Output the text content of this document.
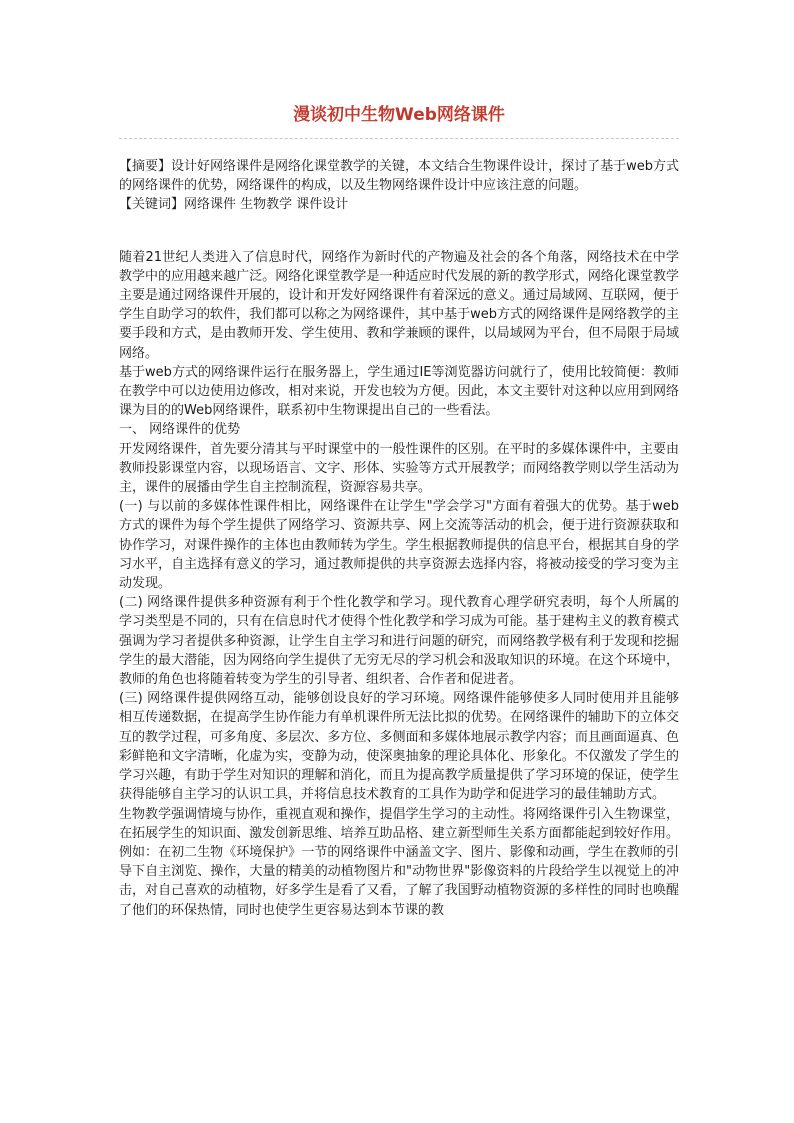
漫谈初中生物Web网络课件

【摘要】设计好网络课件是网络化课堂教学的关键，本文结合生物课件设计，探讨了基于web方式的网络课件的优势，网络课件的构成，以及生物网络课件设计中应该注意的问题。

【关键词】网络课件 生物教学 课件设计

随着21世纪人类进入了信息时代，网络作为新时代的产物遍及社会的各个角落，网络技术在中学教学中的应用越来越广泛。网络化课堂教学是一种适应时代发展的新的教学形式，网络化课堂教学主要是通过网络课件开展的，设计和开发好网络课件有着深远的意义。通过局域网、互联网，便于学生自助学习的软件，我们都可以称之为网络课件，其中基于web方式的网络课件是网络教学的主要手段和方式，是由教师开发、学生使用、教和学兼顾的课件，以局域网为平台，但不局限于局域网络。

基于web方式的网络课件运行在服务器上，学生通过IE等浏览器访问就行了，使用比较简便：教师在教学中可以边使用边修改，相对来说，开发也较为方便。因此，本文主要针对这种以应用到网络课为目的的Web网络课件，联系初中生物课提出自己的一些看法。

一、 网络课件的优势

开发网络课件，首先要分清其与平时课堂中的一般性课件的区别。在平时的多媒体课件中，主要由教师投影课堂内容，以现场语言、文字、形体、实验等方式开展教学；而网络教学则以学生活动为主，课件的展播由学生自主控制流程，资源容易共享。

(一) 与以前的多媒体性课件相比，网络课件在让学生"学会学习"方面有着强大的优势。基于web方式的课件为每个学生提供了网络学习、资源共享、网上交流等活动的机会，便于进行资源获取和协作学习，对课件操作的主体也由教师转为学生。学生根据教师提供的信息平台，根据其自身的学习水平，自主选择有意义的学习，通过教师提供的共享资源去选择内容，将被动接受的学习变为主动发现。

(二) 网络课件提供多种资源有利于个性化教学和学习。现代教育心理学研究表明，每个人所属的学习类型是不同的，只有在信息时代才使得个性化教学和学习成为可能。基于建构主义的教育模式强调为学习者提供多种资源，让学生自主学习和进行问题的研究，而网络教学极有利于发现和挖掘学生的最大潜能，因为网络向学生提供了无穷无尽的学习机会和汲取知识的环境。在这个环境中，教师的角色也将随着转变为学生的引导者、组织者、合作者和促进者。

(三) 网络课件提供网络互动，能够创设良好的学习环境。网络课件能够使多人同时使用并且能够相互传递数据，在提高学生协作能力有单机课件所无法比拟的优势。在网络课件的辅助下的立体交互的教学过程，可多角度、多层次、多方位、多侧面和多媒体地展示教学内容；而且画面逼真、色彩鲜艳和文字清晰，化虚为实，变静为动，使深奥抽象的理论具体化、形象化。不仅激发了学生的学习兴趣，有助于学生对知识的理解和消化，而且为提高教学质量提供了学习环境的保证，使学生获得能够自主学习的认识工具，并将信息技术教育的工具作为助学和促进学习的最佳辅助方式。

生物教学强调情境与协作，重视直观和操作，提倡学生学习的主动性。将网络课件引入生物课堂，在拓展学生的知识面、激发创新思维、培养互助品格、建立新型师生关系方面都能起到较好作用。例如：在初二生物《环境保护》一节的网络课件中涵盖文字、图片、影像和动画，学生在教师的引导下自主浏览、操作，大量的精美的动植物图片和"动物世界"影像资料的片段给学生以视觉上的冲击，对自己喜欢的动植物，好多学生是看了又看，了解了我国野动植物资源的多样性的同时也唤醒了他们的环保热情，同时也使学生更容易达到本节课的教
